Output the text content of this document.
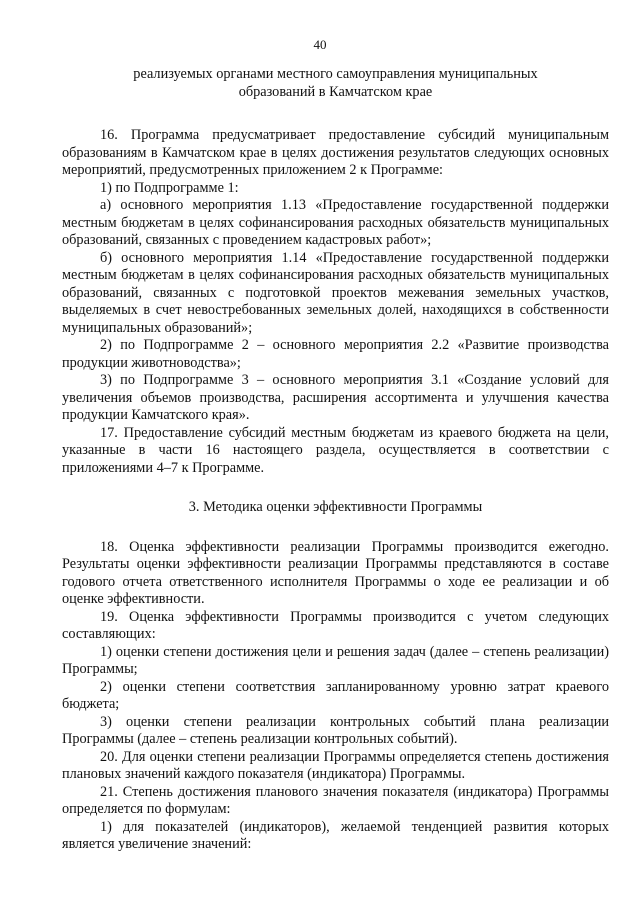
40
реализуемых органами местного самоуправления муниципальных
образований в Камчатском крае

16. Программа предусматривает предоставление субсидий муниципальным образованиям в Камчатском крае в целях достижения результатов следующих основных мероприятий, предусмотренных приложением 2 к Программе:

1) по Подпрограмме 1:

а) основного мероприятия 1.13 «Предоставление государственной поддержки местным бюджетам в целях софинансирования расходных обязательств муниципальных образований, связанных с проведением кадастровых работ»;

б) основного мероприятия 1.14 «Предоставление государственной поддержки местным бюджетам в целях софинансирования расходных обязательств муниципальных образований, связанных с подготовкой проектов межевания земельных участков, выделяемых в счет невостребованных земельных долей, находящихся в собственности муниципальных образований»;

2) по Подпрограмме 2 – основного мероприятия 2.2 «Развитие производства продукции животноводства»;

3) по Подпрограмме 3 – основного мероприятия 3.1 «Создание условий для увеличения объемов производства, расширения ассортимента и улучшения качества продукции Камчатского края».

17. Предоставление субсидий местным бюджетам из краевого бюджета на цели, указанные в части 16 настоящего раздела, осуществляется в соответствии с приложениями 4–7 к Программе.

3. Методика оценки эффективности Программы

18. Оценка эффективности реализации Программы производится ежегодно. Результаты оценки эффективности реализации Программы представляются в составе годового отчета ответственного исполнителя Программы о ходе ее реализации и об оценке эффективности.

19. Оценка эффективности Программы производится с учетом следующих составляющих:

1) оценки степени достижения цели и решения задач (далее – степень реализации) Программы;

2) оценки степени соответствия запланированному уровню затрат краевого бюджета;

3) оценки степени реализации контрольных событий плана реализации Программы (далее – степень реализации контрольных событий).

20. Для оценки степени реализации Программы определяется степень достижения плановых значений каждого показателя (индикатора) Программы.

21. Степень достижения планового значения показателя (индикатора) Программы определяется по формулам:

1) для показателей (индикаторов), желаемой тенденцией развития которых является увеличение значений:
